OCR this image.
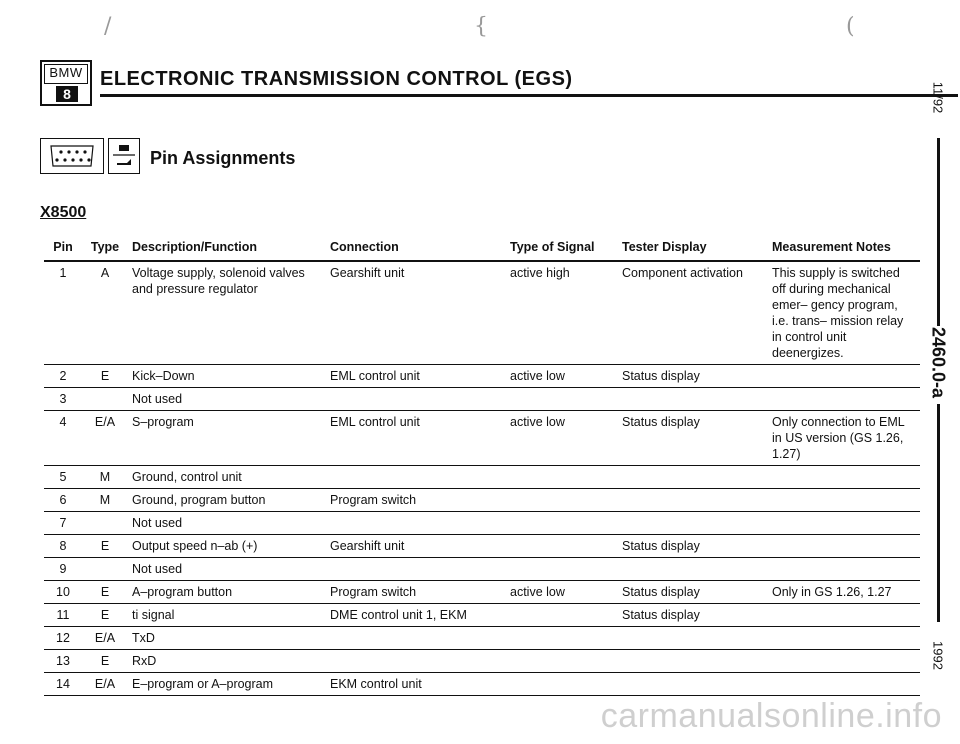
/	{	(
BMW
8
ELECTRONIC TRANSMISSION CONTROL (EGS)
Pin Assignments
X8500
Pin	Type	Description/Function	Connection	Type of Signal	Tester Display	Measurement Notes
1	A	Voltage supply, solenoid valves and pressure regulator	Gearshift unit	active high	Component activation	This supply is switched off during mechanical emer– gency program, i.e. trans– mission relay in control unit deenergizes.
2	E	Kick–Down	EML control unit	active low	Status display	
3		Not used				
4	E/A	S–program	EML control unit	active low	Status display	Only connection to EML in US version (GS 1.26, 1.27)
5	M	Ground, control unit				
6	M	Ground, program button	Program switch			
7		Not used				
8	E	Output speed n–ab (+)	Gearshift unit		Status display	
9		Not used				
10	E	A–program button	Program switch	active low	Status display	Only in GS 1.26, 1.27
11	E	ti signal	DME control unit 1, EKM		Status display	
12	E/A	TxD				
13	E	RxD				
14	E/A	E–program or A–program	EKM control unit			
11/92
2460.0-a
1992
carmanualsonline.info
